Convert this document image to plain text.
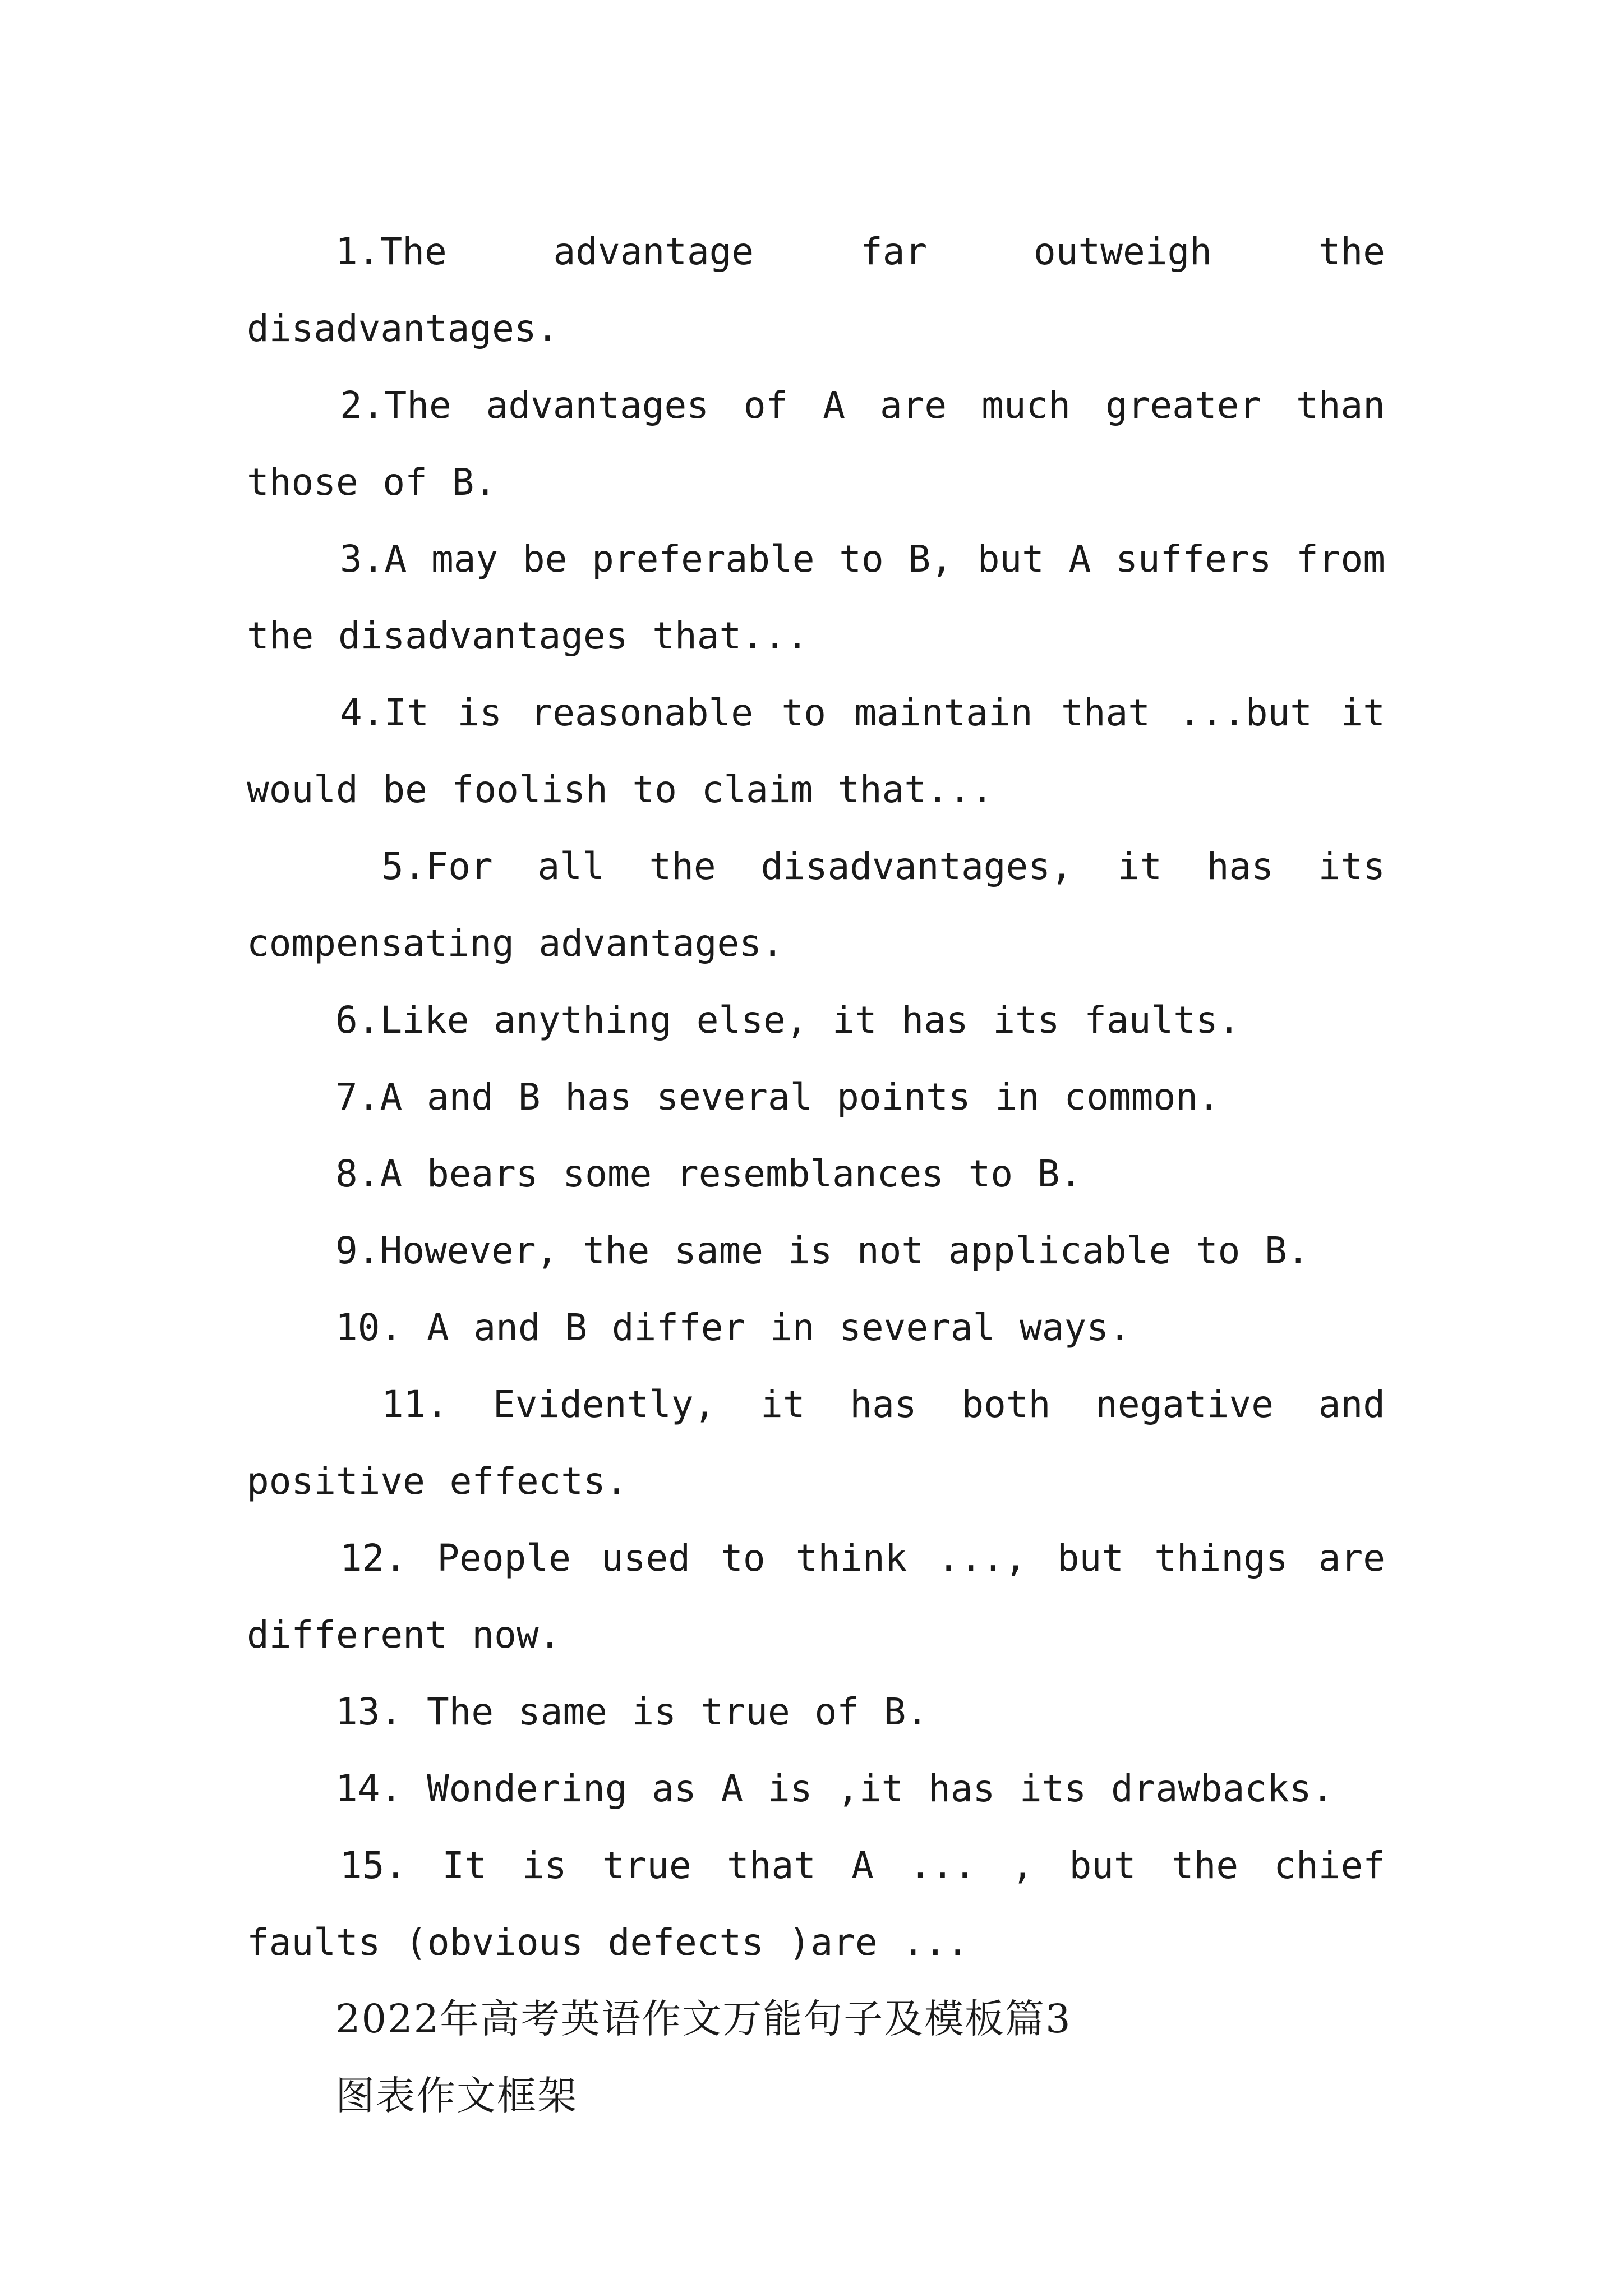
1.The advantage far outweigh the disadvantages.

2.The advantages of A are much greater than those of B.

3.A may be preferable to B, but A suffers from the disadvantages that...

4.It is reasonable to maintain that ...but it would be foolish to claim that...

5.For all the disadvantages, it has its compensating advantages.

6.Like anything else, it has its faults.

7.A and B has several points in common.

8.A bears some resemblances to B.

9.However, the same is not applicable to B.

10. A and B differ in several ways.

11. Evidently, it has both negative and positive effects.

12. People used to think ..., but things are different now.

13. The same is true of B.

14. Wondering as A is ,it has its drawbacks.

15. It is true that A ... , but the chief faults (obvious defects )are ...

2022年高考英语作文万能句子及模板篇3

图表作文框架
